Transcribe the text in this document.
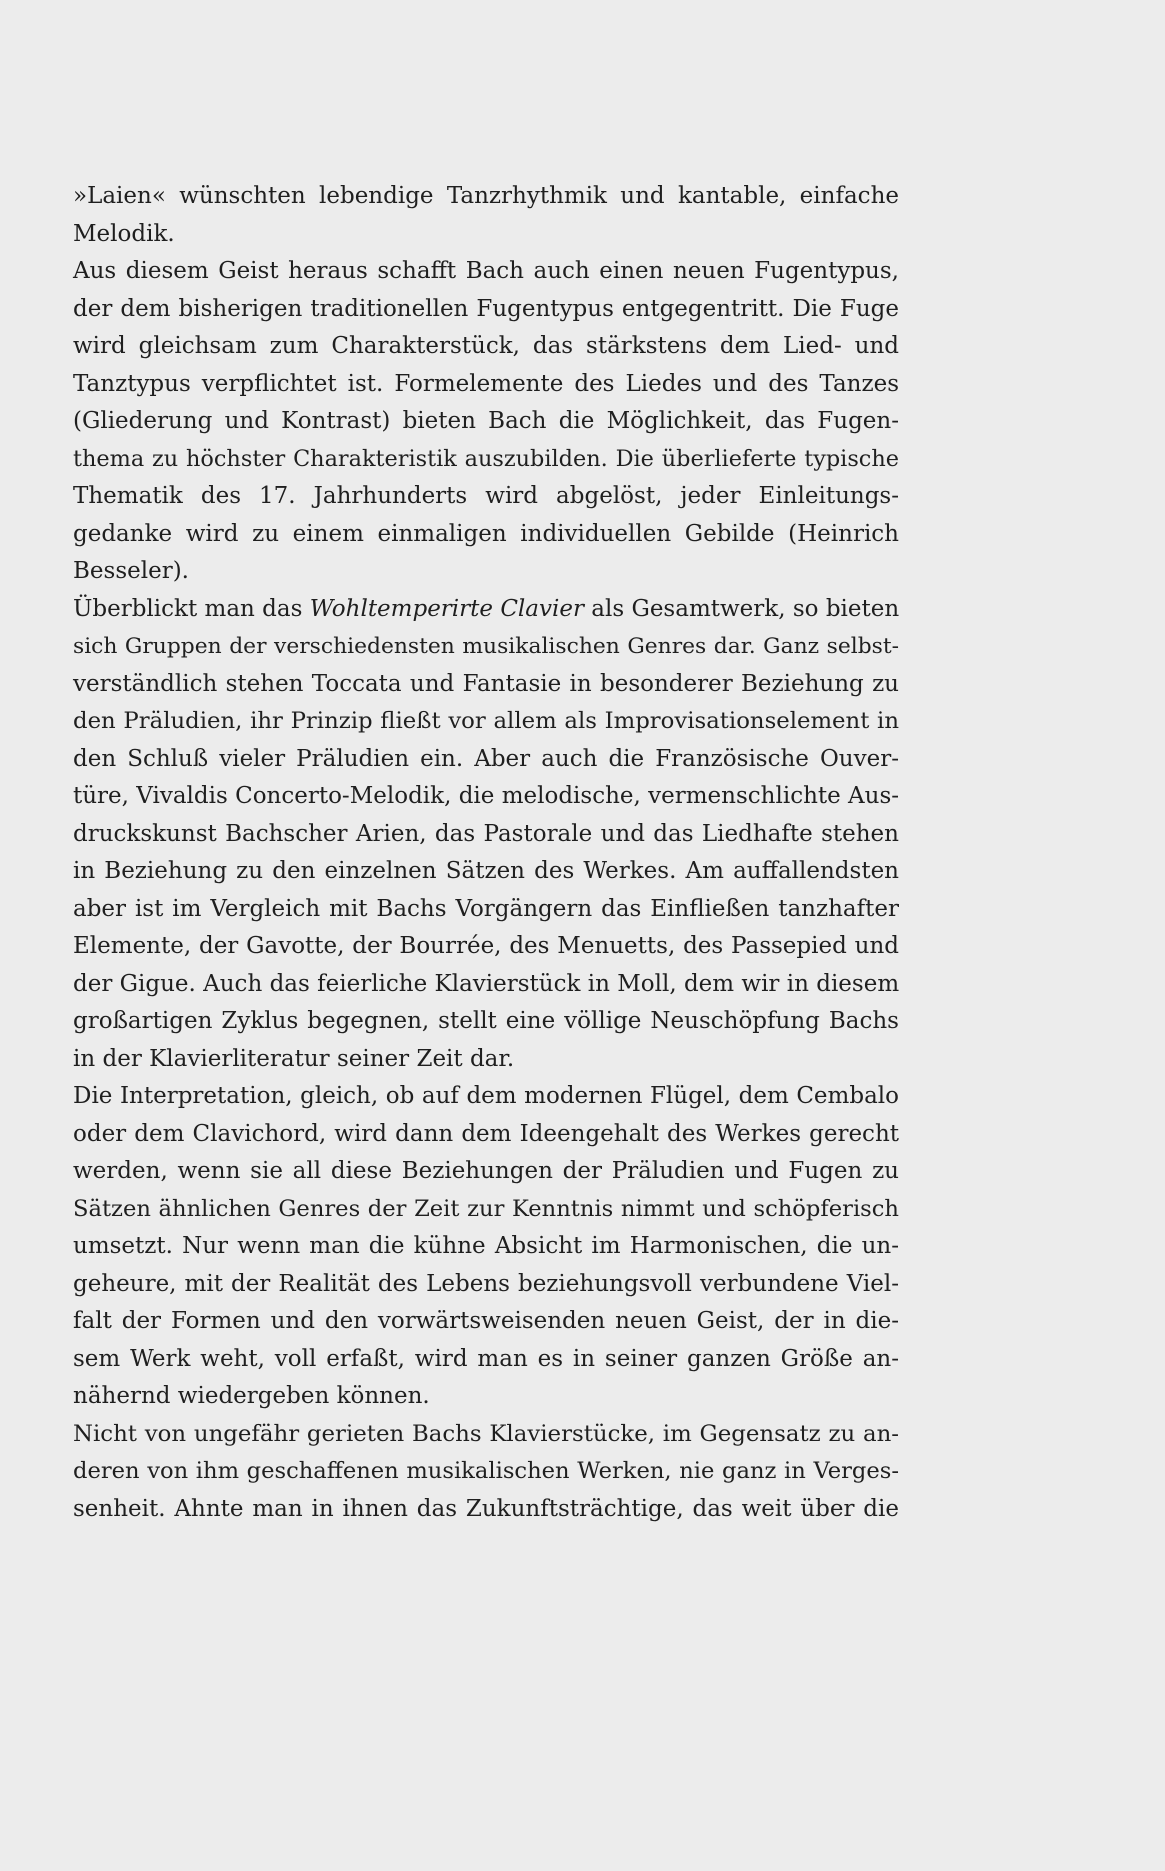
»Laien« wünschten lebendige Tanzrhythmik und kantable, einfache
Melodik.
Aus diesem Geist heraus schafft Bach auch einen neuen Fugentypus,
der dem bisherigen traditionellen Fugentypus entgegentritt. Die Fuge
wird gleichsam zum Charakterstück, das stärkstens dem Lied- und
Tanztypus verpflichtet ist. Formelemente des Liedes und des Tanzes
(Gliederung und Kontrast) bieten Bach die Möglichkeit, das Fugen-
thema zu höchster Charakteristik auszubilden. Die überlieferte typische
Thematik des 17. Jahrhunderts wird abgelöst, jeder Einleitungs-
gedanke wird zu einem einmaligen individuellen Gebilde (Heinrich
Besseler).
Überblickt man das Wohltemperirte Clavier als Gesamtwerk, so bieten
sich Gruppen der verschiedensten musikalischen Genres dar. Ganz selbst-
verständlich stehen Toccata und Fantasie in besonderer Beziehung zu
den Präludien, ihr Prinzip fließt vor allem als Improvisationselement in
den Schluß vieler Präludien ein. Aber auch die Französische Ouver-
türe, Vivaldis Concerto-Melodik, die melodische, vermenschlichte Aus-
druckskunst Bachscher Arien, das Pastorale und das Liedhafte stehen
in Beziehung zu den einzelnen Sätzen des Werkes. Am auffallendsten
aber ist im Vergleich mit Bachs Vorgängern das Einfließen tanzhafter
Elemente, der Gavotte, der Bourrée, des Menuetts, des Passepied und
der Gigue. Auch das feierliche Klavierstück in Moll, dem wir in diesem
großartigen Zyklus begegnen, stellt eine völlige Neuschöpfung Bachs
in der Klavierliteratur seiner Zeit dar.
Die Interpretation, gleich, ob auf dem modernen Flügel, dem Cembalo
oder dem Clavichord, wird dann dem Ideengehalt des Werkes gerecht
werden, wenn sie all diese Beziehungen der Präludien und Fugen zu
Sätzen ähnlichen Genres der Zeit zur Kenntnis nimmt und schöpferisch
umsetzt. Nur wenn man die kühne Absicht im Harmonischen, die un-
geheure, mit der Realität des Lebens beziehungsvoll verbundene Viel-
falt der Formen und den vorwärtsweisenden neuen Geist, der in die-
sem Werk weht, voll erfaßt, wird man es in seiner ganzen Größe an-
nähernd wiedergeben können.
Nicht von ungefähr gerieten Bachs Klavierstücke, im Gegensatz zu an-
deren von ihm geschaffenen musikalischen Werken, nie ganz in Verges-
senheit. Ahnte man in ihnen das Zukunftsträchtige, das weit über die
